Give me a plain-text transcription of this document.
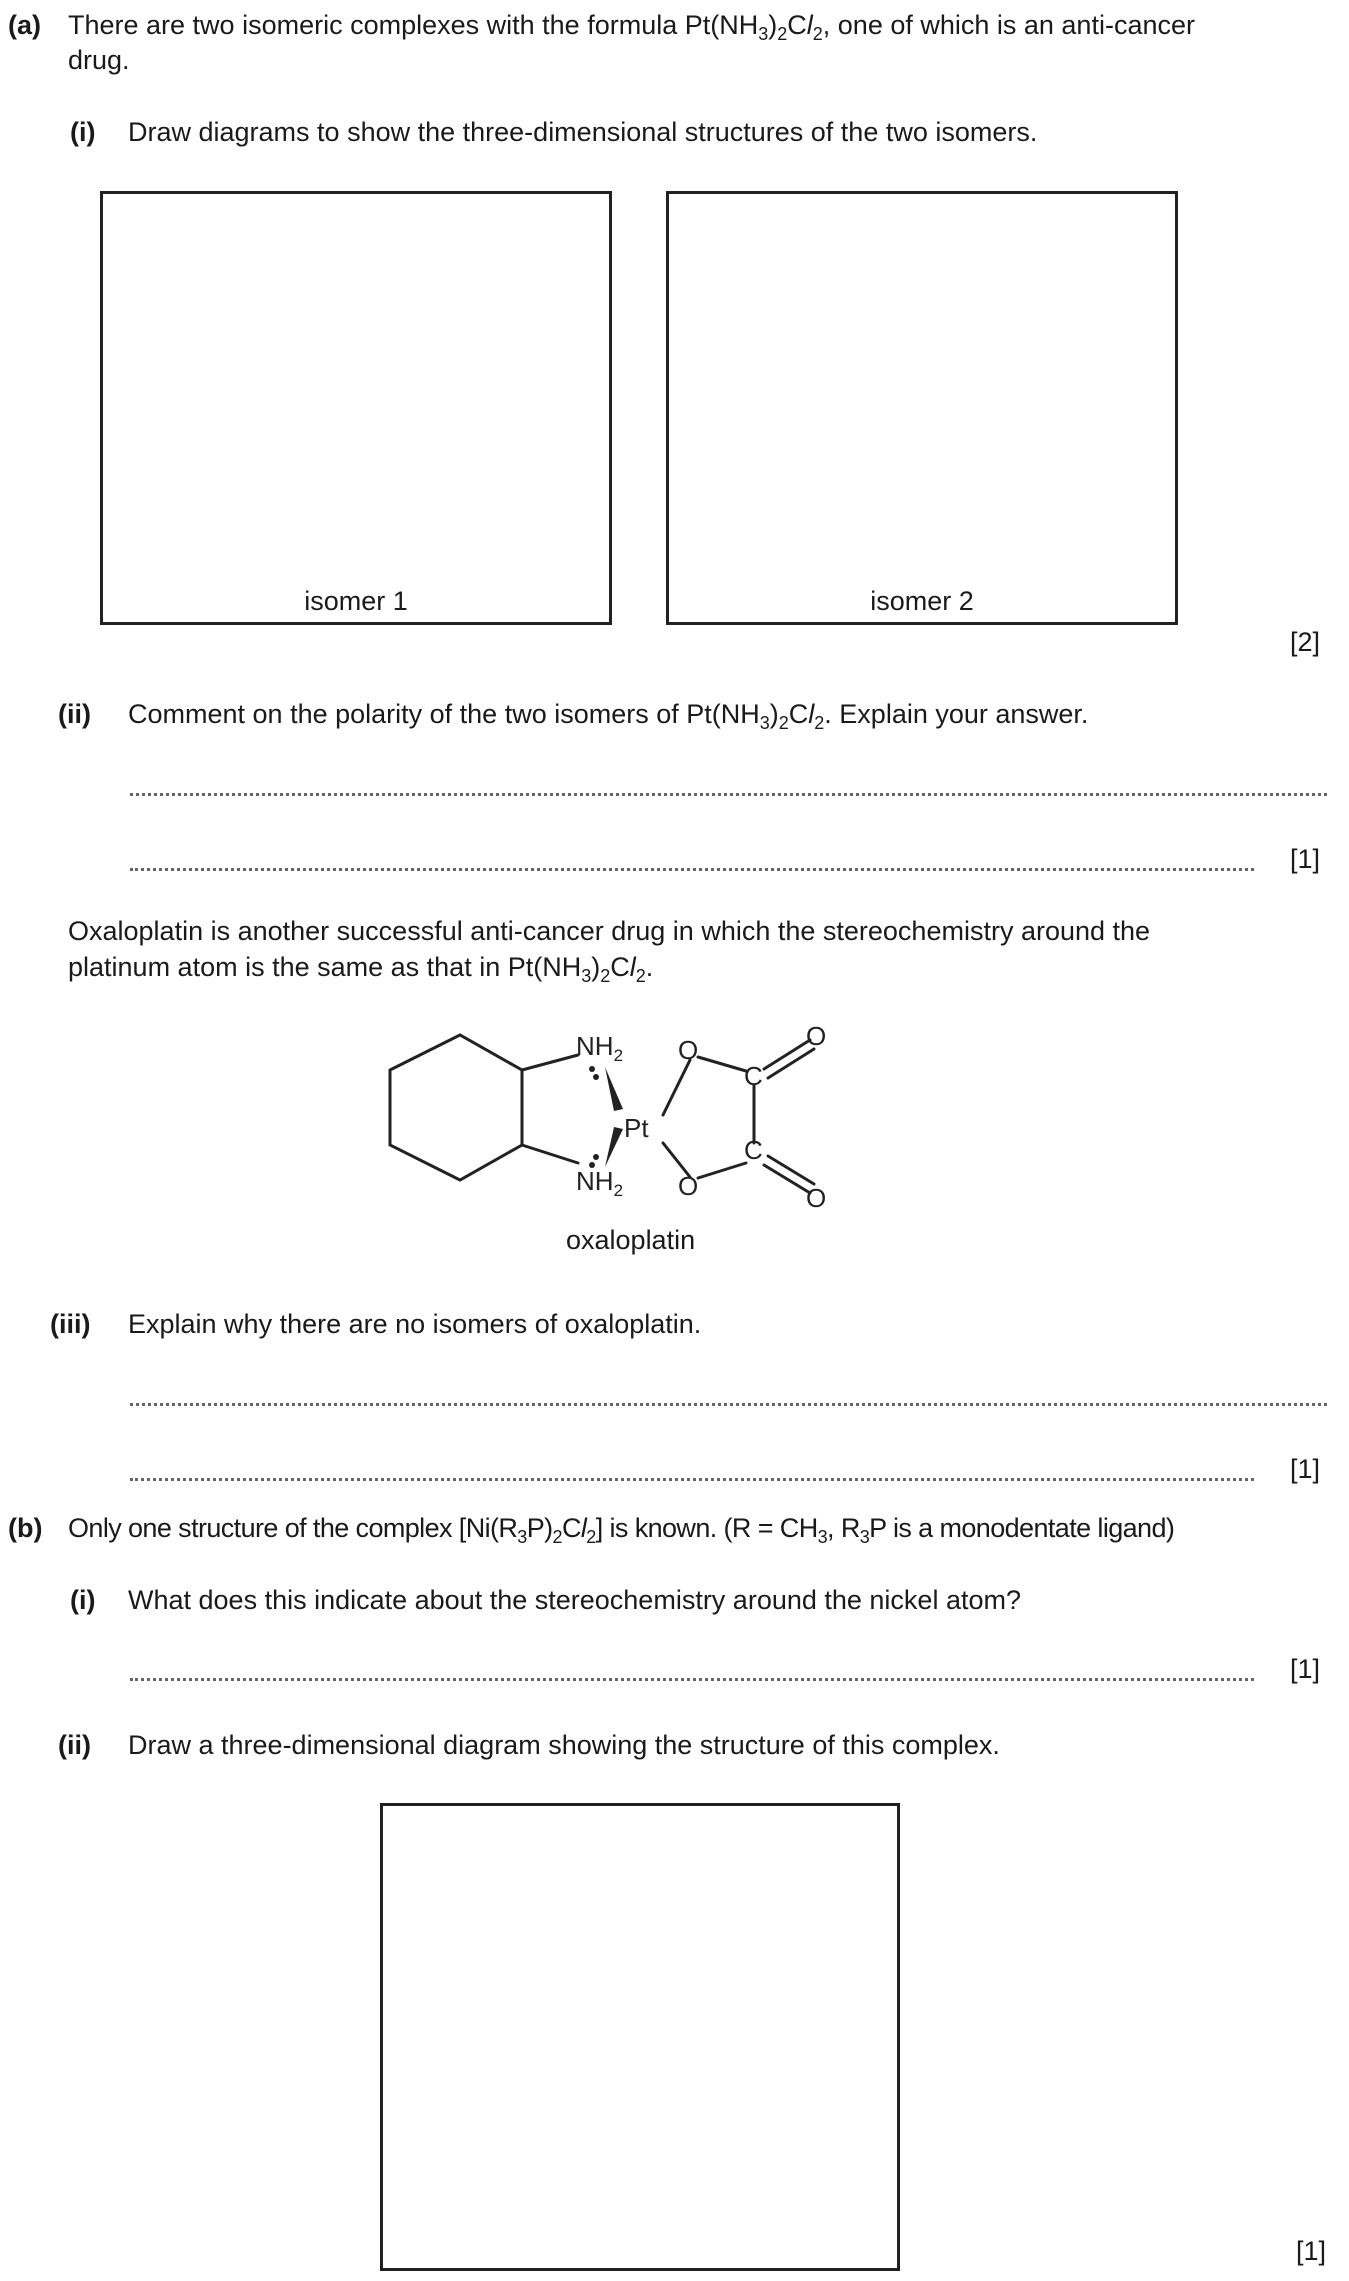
(a) There are two isomeric complexes with the formula $Pt(NH_3)_2Cl_2$, one of which is an anti-cancer
drug.
(i) Draw diagrams to show the three-dimensional structures of the two isomers.
isomer 1	isomer 2
[2]
(ii) Comment on the polarity of the two isomers of $Pt(NH_3)_2Cl_2$. Explain your answer.
[1]
Oxaloplatin is another successful anti-cancer drug in which the stereochemistry around the
platinum atom is the same as that in $Pt(NH_3)_2Cl_2$.
$NH_2$
$NH_2$
Pt
O
O
C
C
O
O
oxaloplatin
(iii) Explain why there are no isomers of oxaloplatin.
[1]
(b) Only one structure of the complex $[Ni(R_3P)_2Cl_2]$ is known. ($R = CH_3$, $R_3P$ is a monodentate ligand)
(i) What does this indicate about the stereochemistry around the nickel atom?
[1]
(ii) Draw a three-dimensional diagram showing the structure of this complex.
[1]
